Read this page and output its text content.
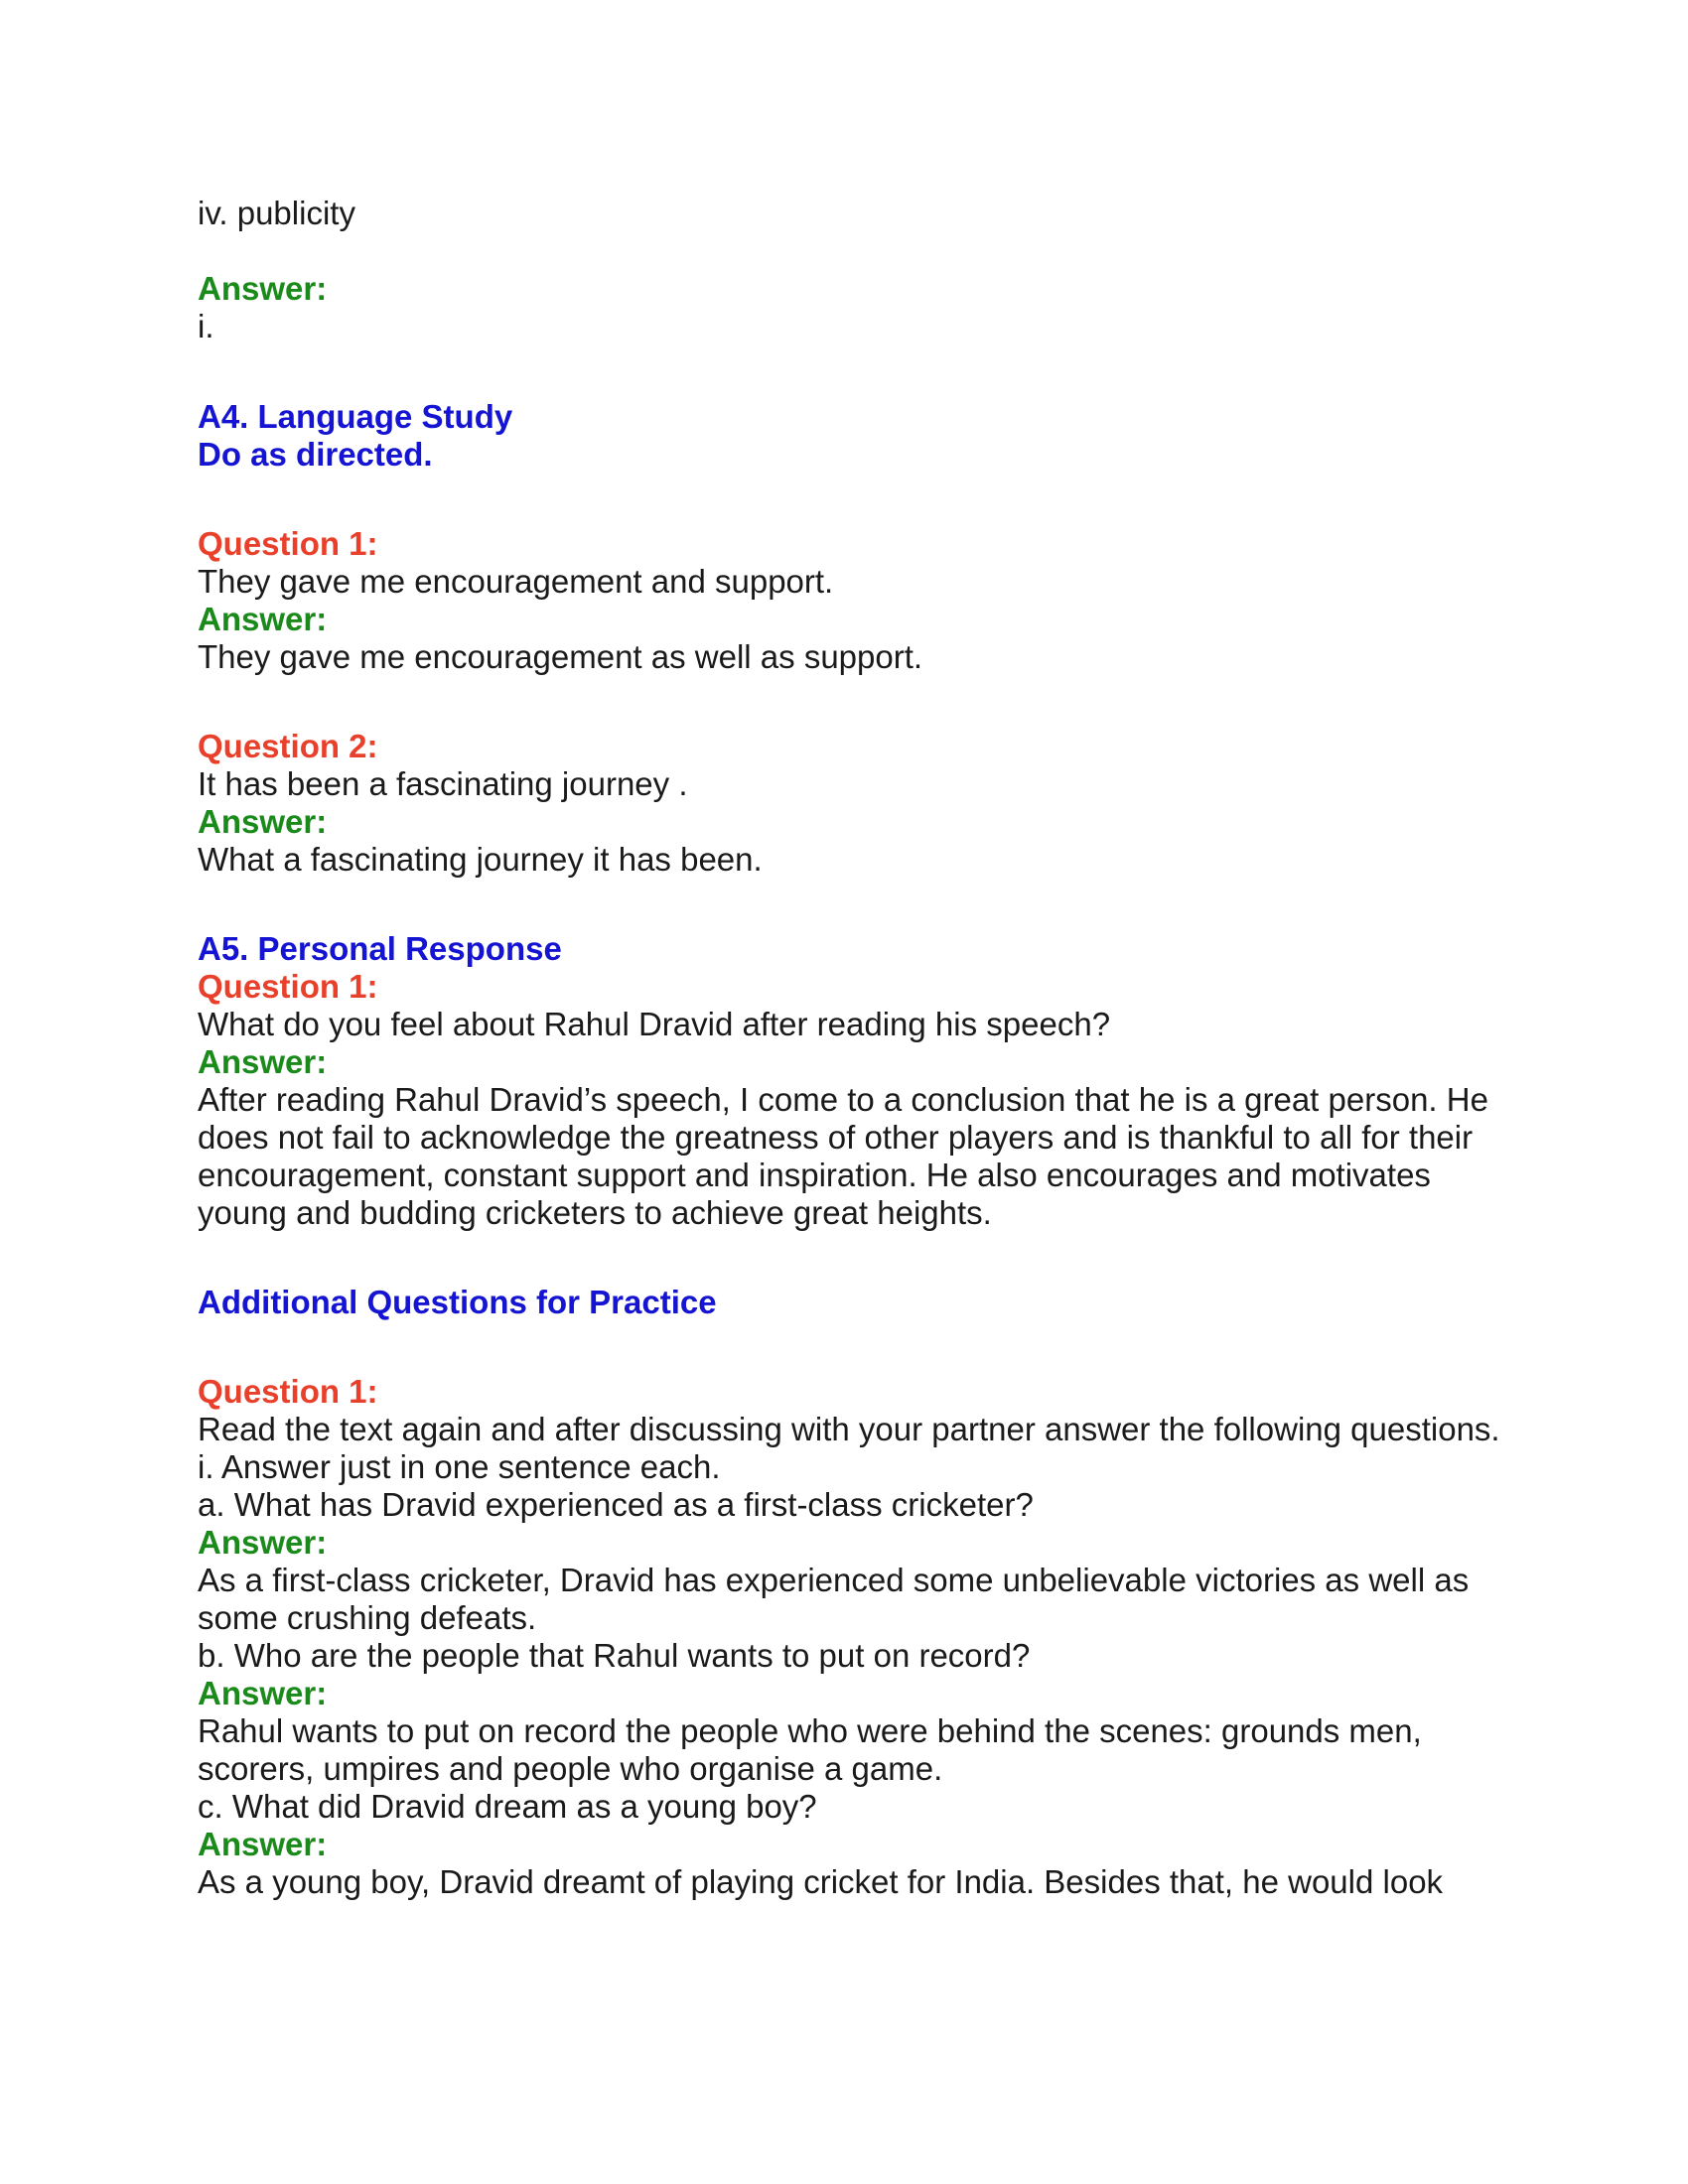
iv. publicity

Answer:

i.

A4. Language Study

Do as directed.

Question 1:

They gave me encouragement and support.

Answer:

They gave me encouragement as well as support.

Question 2:

It has been a fascinating journey .

Answer:

What a fascinating journey it has been.

A5. Personal Response

Question 1:

What do you feel about Rahul Dravid after reading his speech?

Answer:

After reading Rahul Dravid’s speech, I come to a conclusion that he is a great person. He does not fail to acknowledge the greatness of other players and is thankful to all for their encouragement, constant support and inspiration. He also encourages and motivates young and budding cricketers to achieve great heights.

Additional Questions for Practice

Question 1:

Read the text again and after discussing with your partner answer the following questions.

i. Answer just in one sentence each.

a. What has Dravid experienced as a first-class cricketer?

Answer:

As a first-class cricketer, Dravid has experienced some unbelievable victories as well as some crushing defeats.

b. Who are the people that Rahul wants to put on record?

Answer:

Rahul wants to put on record the people who were behind the scenes: grounds men, scorers, umpires and people who organise a game.

c. What did Dravid dream as a young boy?

Answer:

As a young boy, Dravid dreamt of playing cricket for India. Besides that, he would look
